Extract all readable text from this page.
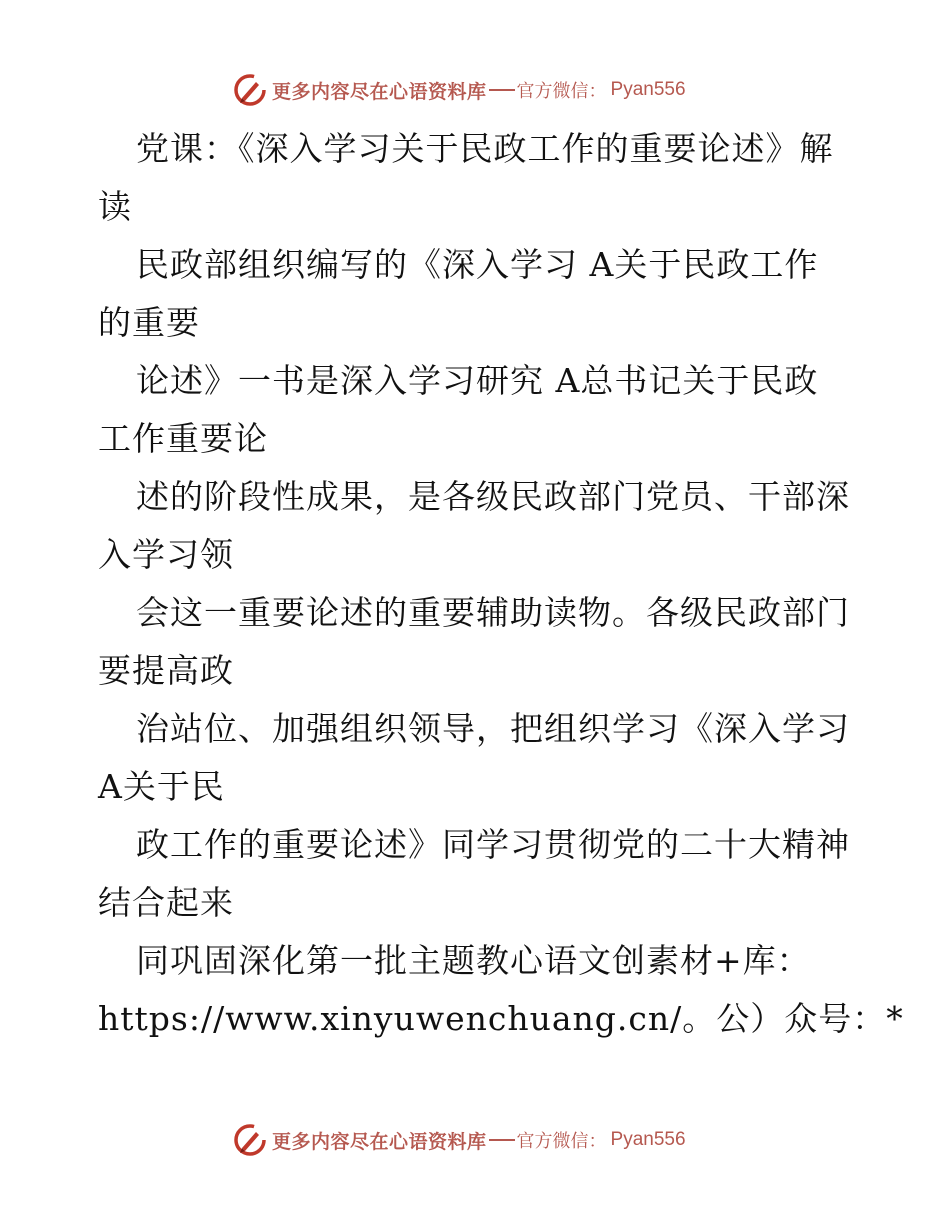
更多内容尽在心语资料库 官方微信： Pyan556
党课：《深入学习关于民政工作的重要论述》解
读
民政部组织编写的《深入学习 A关于民政工作
的重要
论述》一书是深入学习研究 A总书记关于民政
工作重要论
述的阶段性成果，是各级民政部门党员、干部深
入学习领
会这一重要论述的重要辅助读物。各级民政部门
要提高政
治站位、加强组织领导，把组织学习《深入学习
A关于民
政工作的重要论述》同学习贯彻党的二十大精神
结合起来
同巩固深化第一批主题教心语文创素材+库：
https://www.xinyuwenchuang.cn/。公）众号：*
更多内容尽在心语资料库 官方微信： Pyan556
